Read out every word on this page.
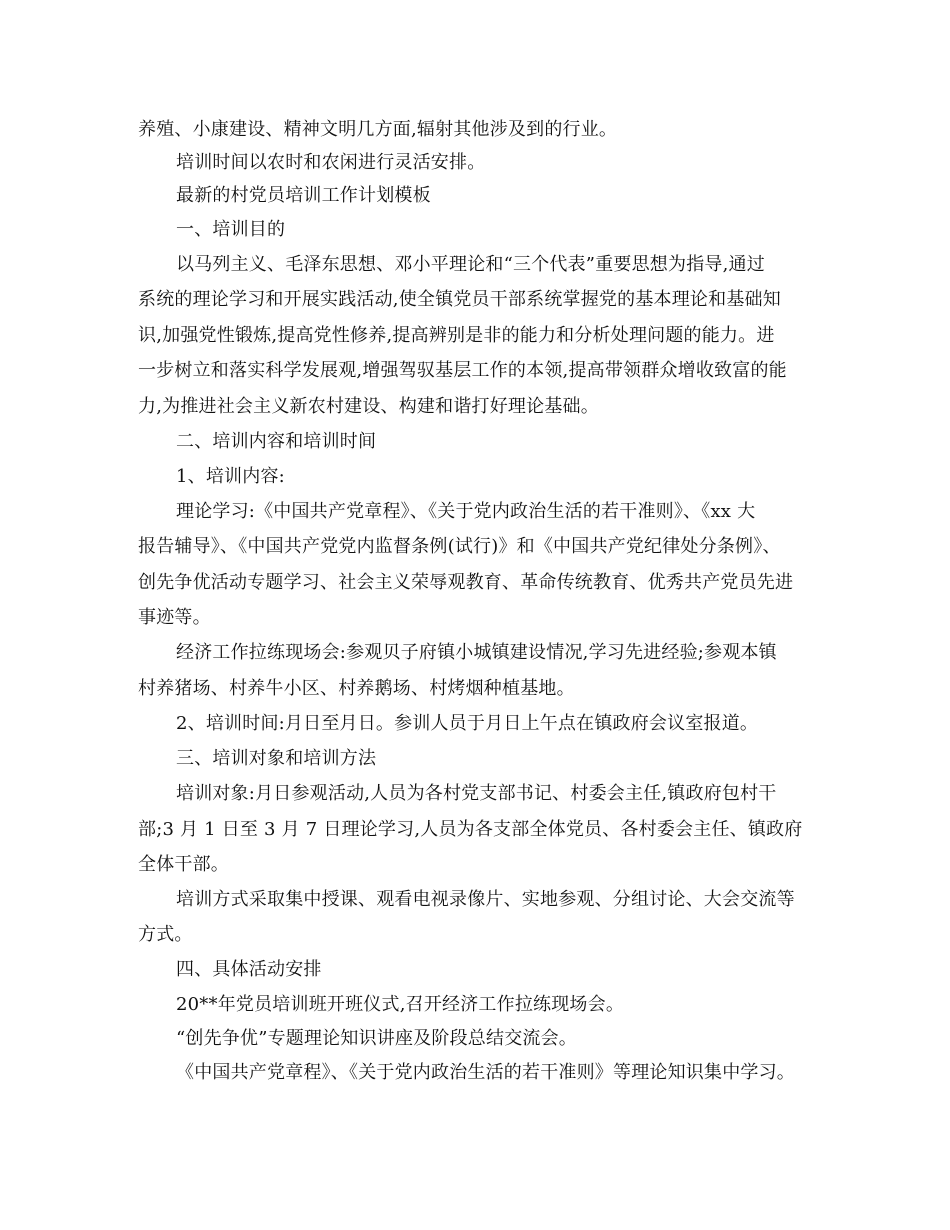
养殖、小康建设、精神文明几方面,辐射其他涉及到的行业。
培训时间以农时和农闲进行灵活安排。
最新的村党员培训工作计划模板
一、培训目的
以马列主义、毛泽东思想、邓小平理论和“三个代表”重要思想为指导,通过
系统的理论学习和开展实践活动,使全镇党员干部系统掌握党的基本理论和基础知
识,加强党性锻炼,提高党性修养,提高辨别是非的能力和分析处理问题的能力。进
一步树立和落实科学发展观,增强驾驭基层工作的本领,提高带领群众增收致富的能
力,为推进社会主义新农村建设、构建和谐打好理论基础。
二、培训内容和培训时间
1、培训内容:
理论学习:《中国共产党章程》、《关于党内政治生活的若干准则》、《xx 大
报告辅导》、《中国共产党党内监督条例(试行)》和《中国共产党纪律处分条例》、
创先争优活动专题学习、社会主义荣辱观教育、革命传统教育、优秀共产党员先进
事迹等。
经济工作拉练现场会:参观贝子府镇小城镇建设情况,学习先进经验;参观本镇
村养猪场、村养牛小区、村养鹅场、村烤烟种植基地。
2、培训时间:月日至月日。参训人员于月日上午点在镇政府会议室报道。
三、培训对象和培训方法
培训对象:月日参观活动,人员为各村党支部书记、村委会主任,镇政府包村干
部;3 月 1 日至 3 月 7 日理论学习,人员为各支部全体党员、各村委会主任、镇政府
全体干部。
培训方式采取集中授课、观看电视录像片、实地参观、分组讨论、大会交流等
方式。
四、具体活动安排
20**年党员培训班开班仪式,召开经济工作拉练现场会。
“创先争优”专题理论知识讲座及阶段总结交流会。
《中国共产党章程》、《关于党内政治生活的若干准则》等理论知识集中学习。
